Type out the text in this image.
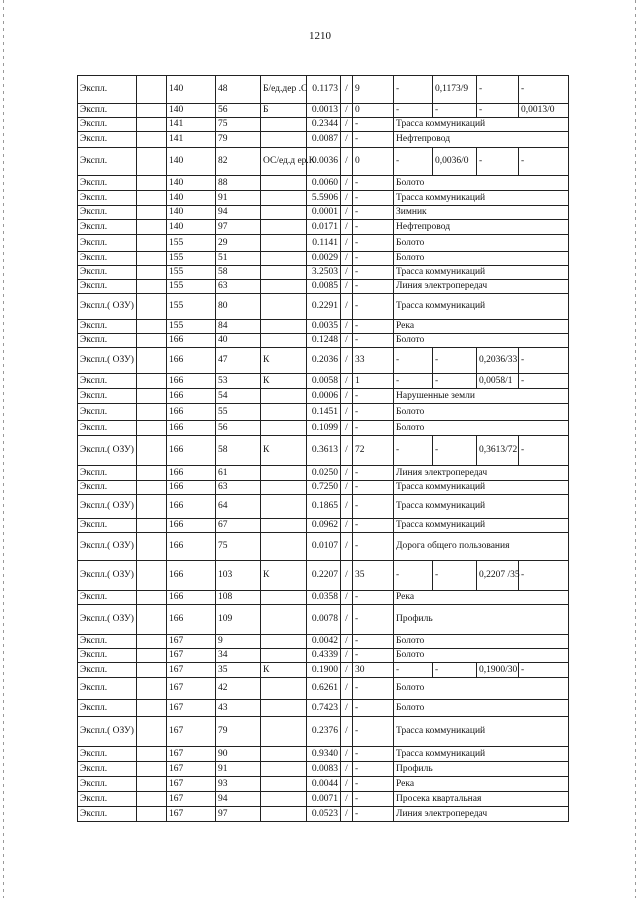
1210
Экспл.		140	48	Б/ед.дер .С	0.1173	/	9	-	0,1173/9	-	-
Экспл.		140	56	Б	0.0013	/	0	-	-	-	0,0013/0
Экспл.		141	75		0.2344	/	-	Трасса коммуникаций			
Экспл.		141	79		0.0087	/	-	Нефтепровод			
Экспл.		140	82	ОС/ед.д ер.К	0.0036	/	0	-	0,0036/0	-	-
Экспл.		140	88		0.0060	/	-	Болото			
Экспл.		140	91		5.5906	/	-	Трасса коммуникаций			
Экспл.		140	94		0.0001	/	-	Зимник			
Экспл.		140	97		0.0171	/	-	Нефтепровод			
Экспл.		155	29		0.1141	/	-	Болото			
Экспл.		155	51		0.0029	/	-	Болото			
Экспл.		155	58		3.2503	/	-	Трасса коммуникаций			
Экспл.		155	63		0.0085	/	-	Линия электропередач			
Экспл.( ОЗУ)		155	80		0.2291	/	-	Трасса коммуникаций			
Экспл.		155	84		0.0035	/	-	Река			
Экспл.		166	40		0.1248	/	-	Болото			
Экспл.( ОЗУ)		166	47	К	0.2036	/	33	-	-	0,2036/33	-
Экспл.		166	53	К	0.0058	/	1	-	-	0,0058/1	-
Экспл.		166	54		0.0006	/	-	Нарушенные земли			
Экспл.		166	55		0.1451	/	-	Болото			
Экспл.		166	56		0.1099	/	-	Болото			
Экспл.( ОЗУ)		166	58	К	0.3613	/	72	-	-	0,3613/72	-
Экспл.		166	61		0.0250	/	-	Линия электропередач			
Экспл.		166	63		0.7250	/	-	Трасса коммуникаций			
Экспл.( ОЗУ)		166	64		0.1865	/	-	Трасса коммуникаций			
Экспл.		166	67		0.0962	/	-	Трасса коммуникаций			
Экспл.( ОЗУ)		166	75		0.0107	/	-	Дорога общего пользования			
Экспл.( ОЗУ)		166	103	К	0.2207	/	35	-	-	0,2207 /35	-
Экспл.		166	108		0.0358	/	-	Река			
Экспл.( ОЗУ)		166	109		0.0078	/	-	Профиль			
Экспл.		167	9		0.0042	/	-	Болото			
Экспл.		167	34		0.4339	/	-	Болото			
Экспл.		167	35	К	0.1900	/	30	-	-	0,1900/30	-
Экспл.		167	42		0.6261	/	-	Болото			
Экспл.		167	43		0.7423	/	-	Болото			
Экспл.( ОЗУ)		167	79		0.2376	/	-	Трасса коммуникаций			
Экспл.		167	90		0.9340	/	-	Трасса коммуникаций			
Экспл.		167	91		0.0083	/	-	Профиль			
Экспл.		167	93		0.0044	/	-	Река			
Экспл.		167	94		0.0071	/	-	Просека квартальная			
Экспл.		167	97		0.0523	/	-	Линия электропередач			
